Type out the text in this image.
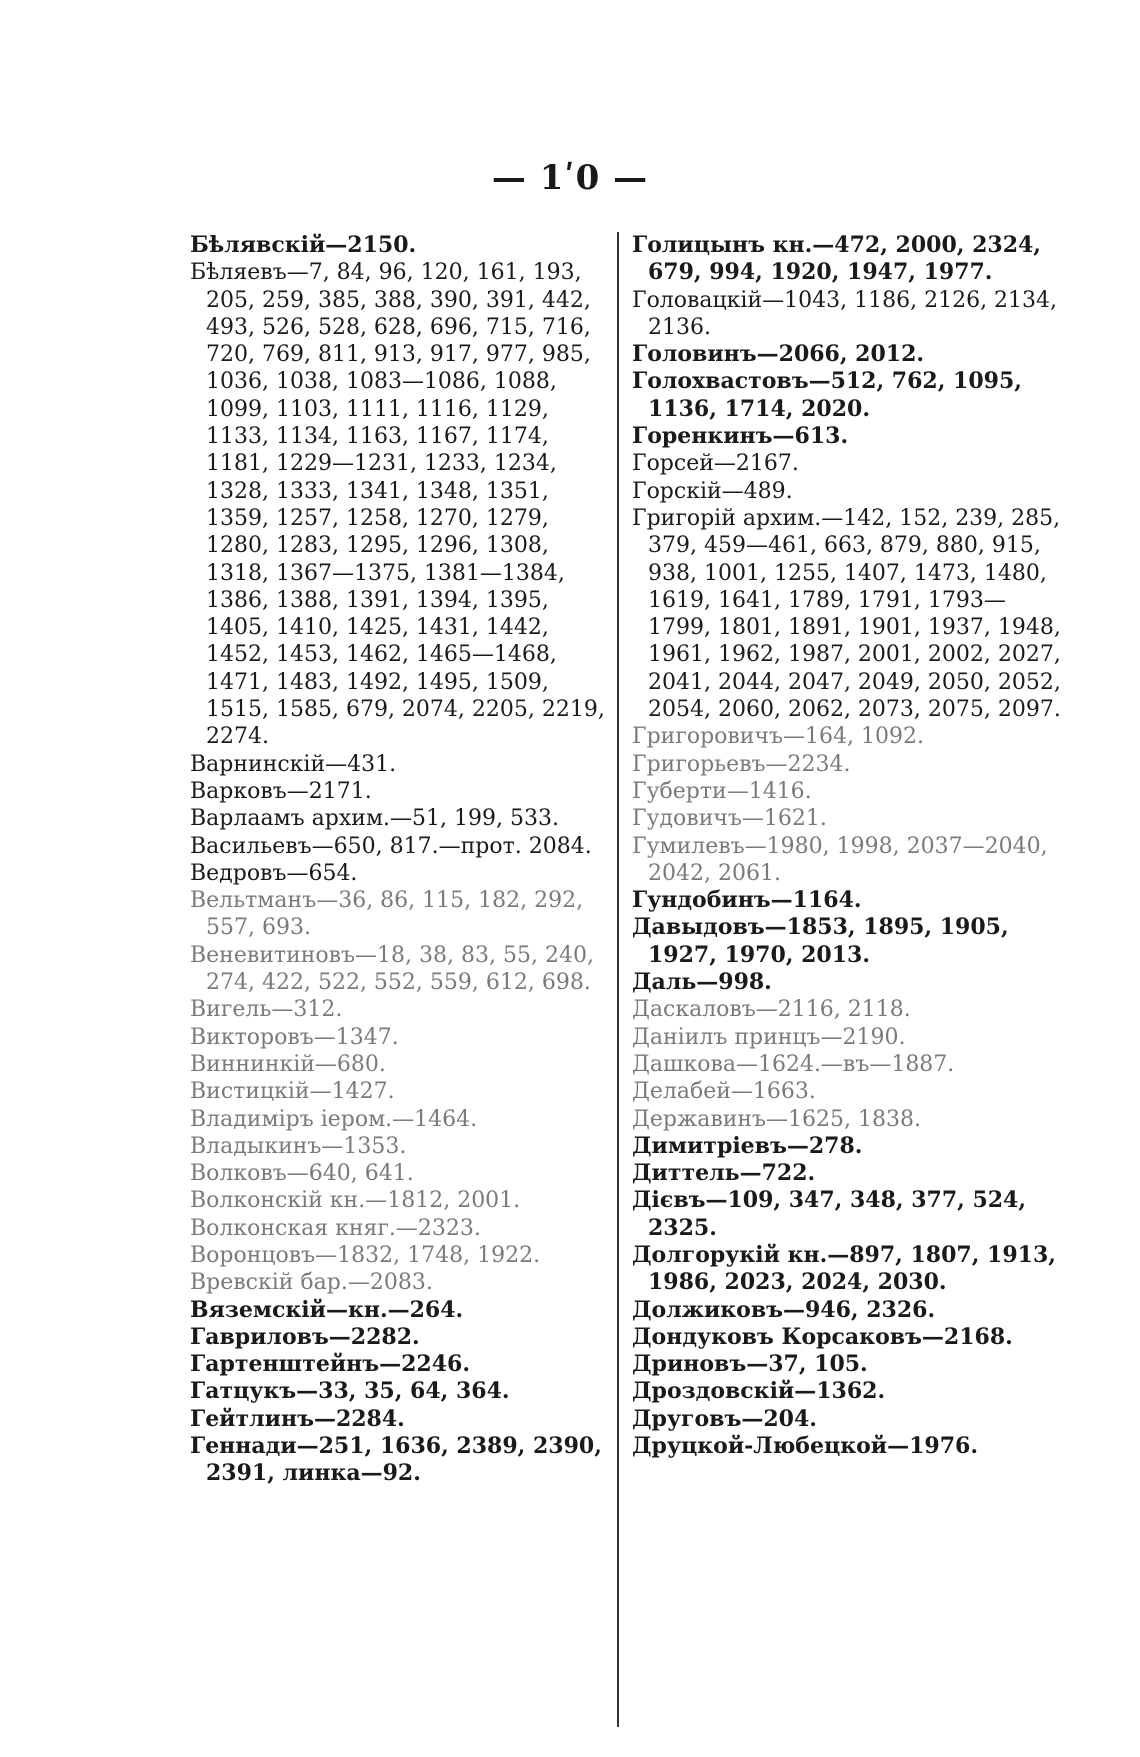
— 1ʹ0 —
Бѣлявскій—2150.
Бѣляевъ—7, 84, 96, 120, 161, 193, 205, 259, 385, 388, 390, 391, 442, 493, 526, 528, 628, 696, 715, 716, 720, 769, 811, 913, 917, 977, 985, 1036, 1038, 1083—1086, 1088, 1099, 1103, 1111, 1116, 1129, 1133, 1134, 1163, 1167, 1174, 1181, 1229—1231, 1233, 1234, 1328, 1333, 1341, 1348, 1351, 1359, 1257, 1258, 1270, 1279, 1280, 1283, 1295, 1296, 1308, 1318, 1367—1375, 1381—1384, 1386, 1388, 1391, 1394, 1395, 1405, 1410, 1425, 1431, 1442, 1452, 1453, 1462, 1465—1468, 1471, 1483, 1492, 1495, 1509, 1515, 1585, 679, 2074, 2205, 2219, 2274.
Варнинскій—431.
Варковъ—2171.
Варлаамъ архим.—51, 199, 533.
Васильевъ—650, 817.—прот. 2084.
Ведровъ—654.
Вельтманъ—36, 86, 115, 182, 292, 557, 693.
Веневитиновъ—18, 38, 83, 55, 240, 274, 422, 522, 552, 559, 612, 698.
Вигель—312.
Викторовъ—1347.
Виннинкій—680.
Вистицкій—1427.
Владиміръ іером.—1464.
Владыкинъ—1353.
Волковъ—640, 641.
Волконскій кн.—1812, 2001.
Волконская княг.—2323.
Воронцовъ—1832, 1748, 1922.
Вревскій бар.—2083.
Вяземскій—кн.—264.
Гавриловъ—2282.
Гартенштейнъ—2246.
Гатцукъ—33, 35, 64, 364.
Гейтлинъ—2284.
Геннади—251, 1636, 2389, 2390, 2391, линка—92.
Голицынъ кн.—472, 2000, 2324, 679, 994, 1920, 1947, 1977.
Головацкій—1043, 1186, 2126, 2134, 2136.
Головинъ—2066, 2012.
Голохвастовъ—512, 762, 1095, 1136, 1714, 2020.
Горенкинъ—613.
Горсей—2167.
Горскій—489.
Григорій архим.—142, 152, 239, 285, 379, 459—461, 663, 879, 880, 915, 938, 1001, 1255, 1407, 1473, 1480, 1619, 1641, 1789, 1791, 1793—1799, 1801, 1891, 1901, 1937, 1948, 1961, 1962, 1987, 2001, 2002, 2027, 2041, 2044, 2047, 2049, 2050, 2052, 2054, 2060, 2062, 2073, 2075, 2097.
Григоровичъ—164, 1092.
Григорьевъ—2234.
Губерти—1416.
Гудовичъ—1621.
Гумилевъ—1980, 1998, 2037—2040, 2042, 2061.
Гундобинъ—1164.
Давыдовъ—1853, 1895, 1905, 1927, 1970, 2013.
Даль—998.
Даскаловъ—2116, 2118.
Даніилъ принцъ—2190.
Дашкова—1624.—въ—1887.
Делабей—1663.
Державинъ—1625, 1838.
Димитріевъ—278.
Диттель—722.
Дієвъ—109, 347, 348, 377, 524, 2325.
Долгорукій кн.—897, 1807, 1913, 1986, 2023, 2024, 2030.
Должиковъ—946, 2326.
Дондуковъ Корсаковъ—2168.
Дриновъ—37, 105.
Дроздовскій—1362.
Друговъ—204.
Друцкой-Любецкой—1976.
